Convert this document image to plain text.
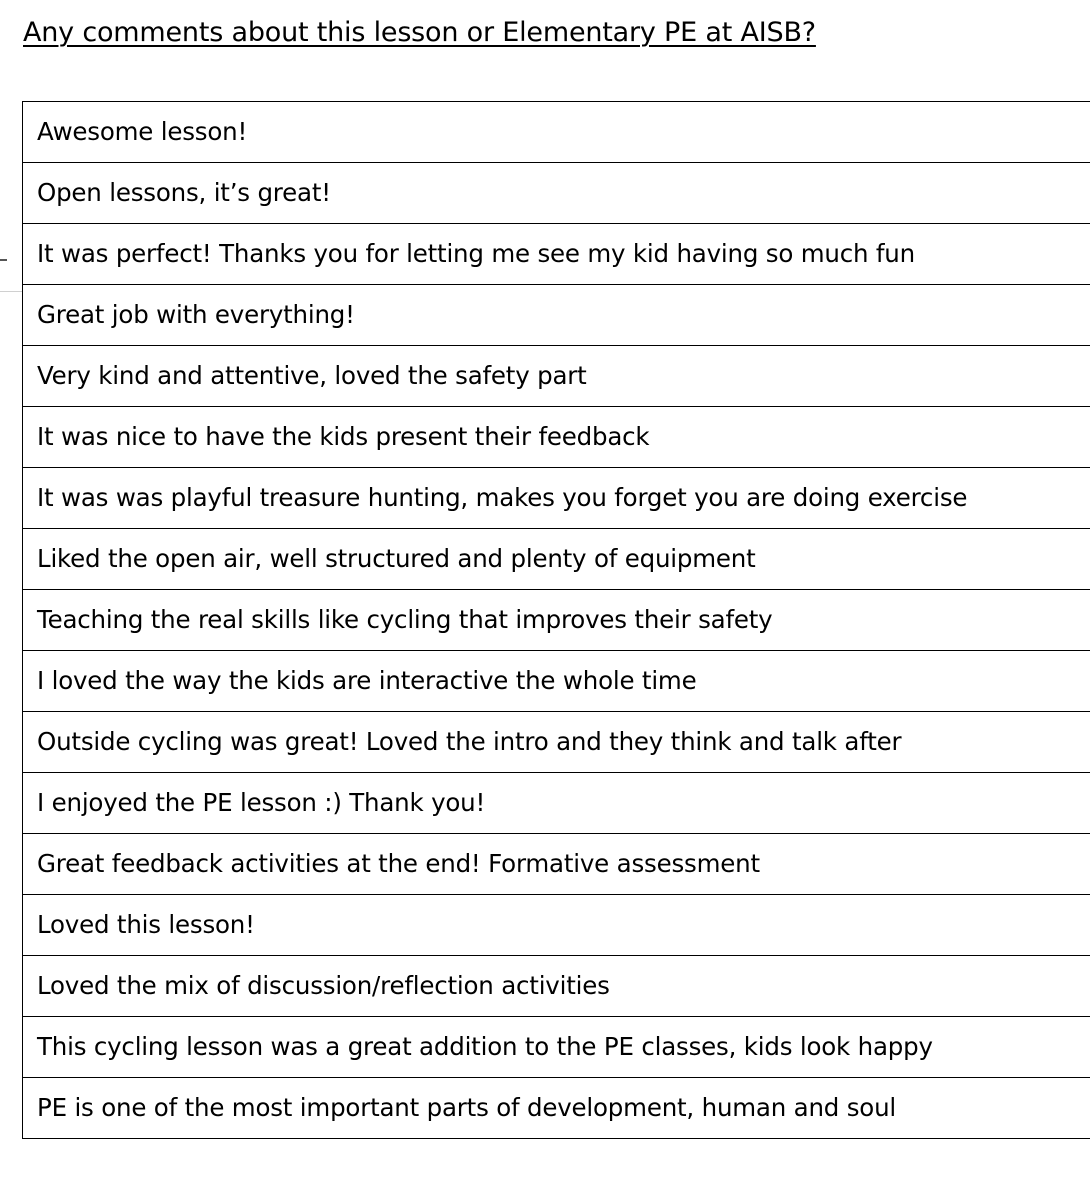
Any comments about this lesson or Elementary PE at AISB?
Awesome lesson!
Open lessons, it’s great!
It was perfect! Thanks you for letting me see my kid having so much fun
Great job with everything!
Very kind and attentive, loved the safety part
It was nice to have the kids present their feedback
It was was playful treasure hunting, makes you forget you are doing exercise
Liked the open air, well structured and plenty of equipment
Teaching the real skills like cycling that improves their safety
I loved the way the kids are interactive the whole time
Outside cycling was great! Loved the intro and they think and talk after
I enjoyed the PE lesson :) Thank you!
Great feedback activities at the end! Formative assessment
Loved this lesson!
Loved the mix of discussion/reflection activities
This cycling lesson was a great addition to the PE classes, kids look happy
PE is one of the most important parts of development, human and soul
